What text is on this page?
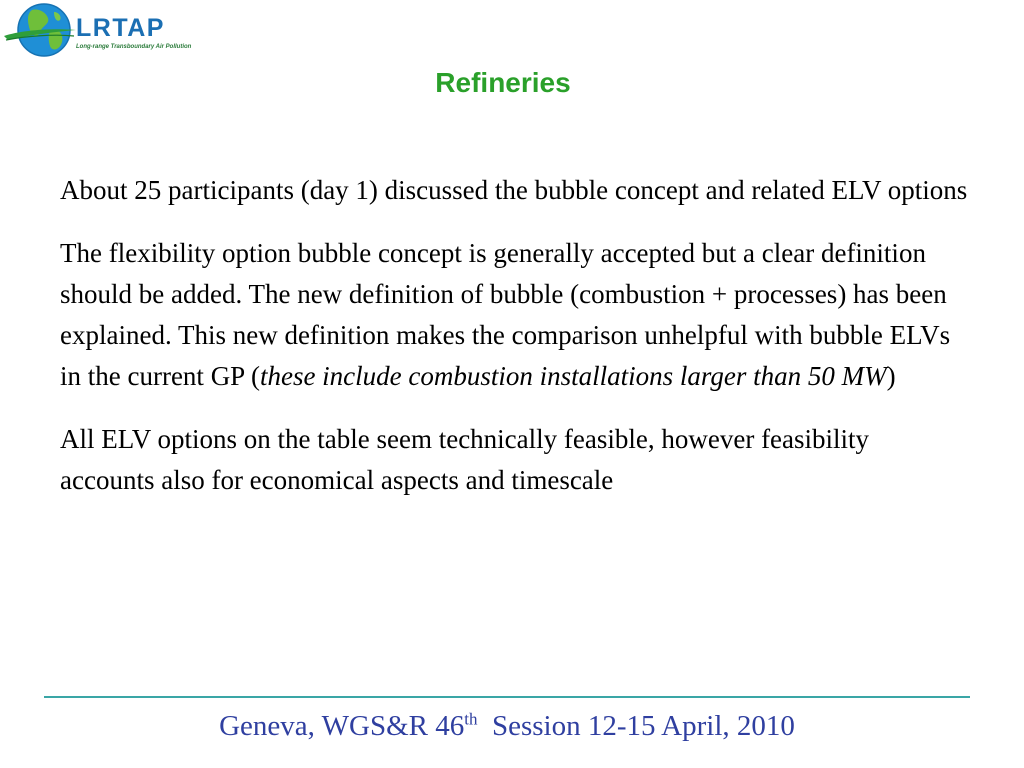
LRTAP
Long-range Transboundary Air Pollution
Refineries

About 25 participants (day 1) discussed the bubble concept and related ELV options

The flexibility option bubble concept is generally accepted but a clear definition should be added. The new definition of bubble (combustion + processes) has been explained. This new definition makes the comparison unhelpful with bubble ELVs in the current GP (these include combustion installations larger than 50 MW)

All ELV options on the table seem technically feasible, however feasibility accounts also for economical aspects and timescale

Geneva, WGS&R 46th  Session 12-15 April, 2010
